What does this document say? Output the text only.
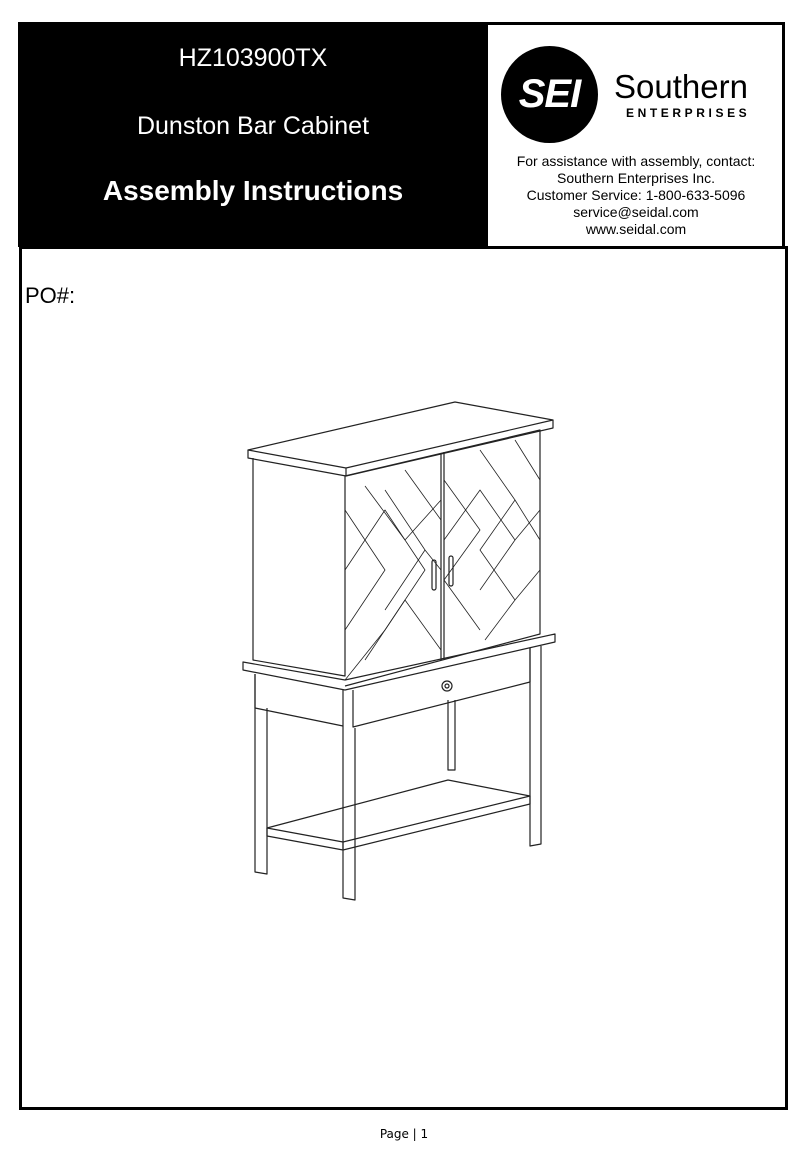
HZ103900TX
Dunston Bar Cabinet
Assembly Instructions
SEI	Southern
ENTERPRISES
For assistance with assembly, contact:
Southern Enterprises Inc.
Customer Service: 1-800-633-5096
service@seidal.com
www.seidal.com
PO#:
Page | 1
